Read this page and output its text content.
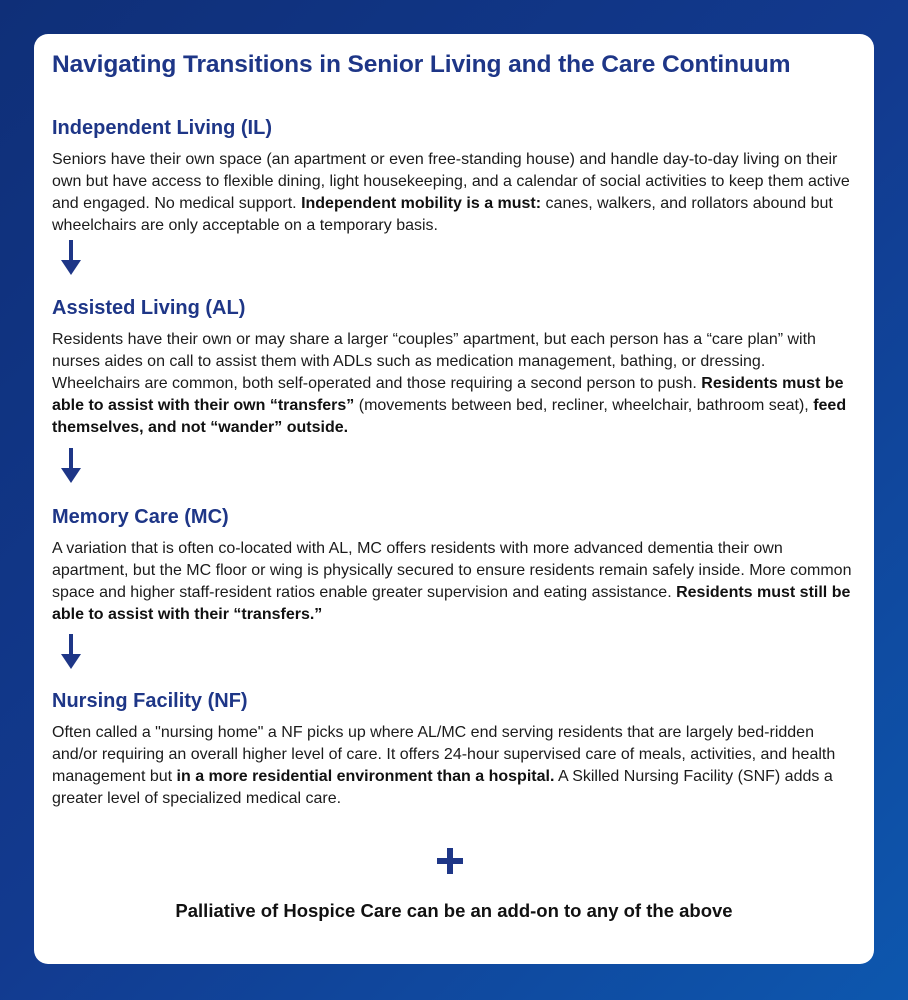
Navigating Transitions in Senior Living and the Care Continuum
Independent Living (IL)

Seniors have their own space (an apartment or even free-standing house) and handle day-to-day living on their own but have access to flexible dining, light housekeeping, and a calendar of social activities to keep them active and engaged. No medical support. Independent mobility is a must: canes, walkers, and rollators abound but wheelchairs are only acceptable on a temporary basis.

Assisted Living (AL)

Residents have their own or may share a larger “couples” apartment, but each person has a “care plan” with nurses aides on call to assist them with ADLs such as medication management, bathing, or dressing. Wheelchairs are common, both self-operated and those requiring a second person to push. Residents must be able to assist with their own “transfers” (movements between bed, recliner, wheelchair, bathroom seat), feed themselves, and not “wander” outside.

Memory Care (MC)

A variation that is often co-located with AL, MC offers residents with more advanced dementia their own apartment, but the MC floor or wing is physically secured to ensure residents remain safely inside. More common space and higher staff-resident ratios enable greater supervision and eating assistance. Residents must still be able to assist with their “transfers.”

Nursing Facility (NF)

Often called a "nursing home" a NF picks up where AL/MC end serving residents that are largely bed-ridden and/or requiring an overall higher level of care. It offers 24-hour supervised care of meals, activities, and health management but in a more residential environment than a hospital. A Skilled Nursing Facility (SNF) adds a greater level of specialized medical care.

Palliative of Hospice Care can be an add-on to any of the above
